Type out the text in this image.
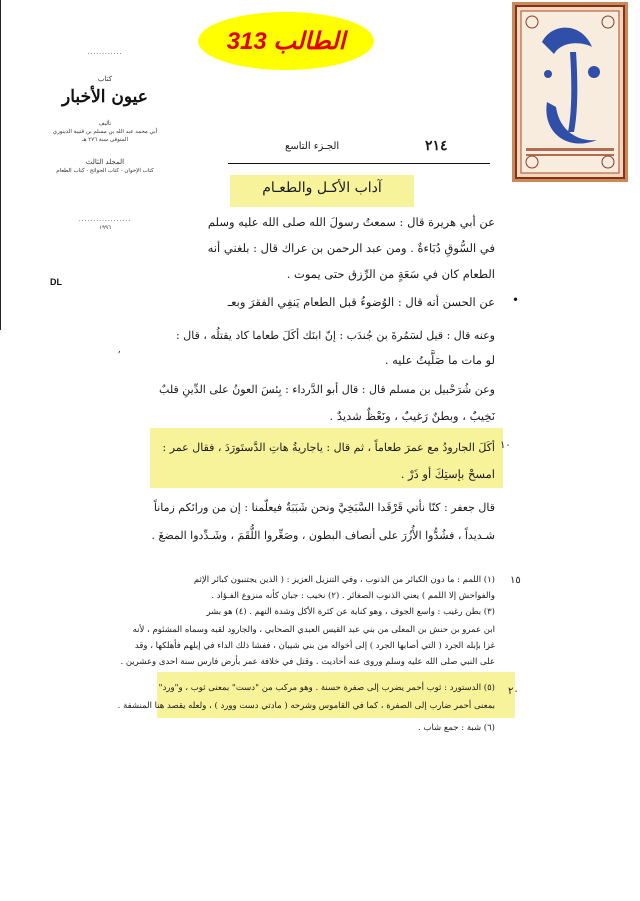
............
كتاب
عيون الأخبار
تأليف
أبي محمد عبد الله بن مسلم بن قتيبة الدينوري
المتوفى سنة ٢٧٦ هـ
المجلد الثالث
كتاب الإخوان - كتاب الحوائج - كتاب الطعام
..................
١٩٩٦
DL
الطالب 313
٢١٤
الجـزء التاسع
آداب الأكـل والطعـام
عن أبي هريرة قال : سمعتُ رسولَ الله صلى الله عليه وسلم
في السُّوقِ دُبَاءةٌ . ومن عبد الرحمن بن عراك قال : بلغني أنه
الطعام كان في سَعَةٍ من الرِّزق حتى يموت .
عن الحسن أنه قال : الوُضوءُ قبل الطعام يَنفِي الفقرَ وبعـ
وعنه قال : قيل لسَمُرةَ بن جُندَب : إنّ ابنَك أكَلَ طعاما كاد يقتلُه ، قال :
لو مات ما صَلَّيتُ عليه .
وعن شُرَحْبيل بن مسلم قال : قال أبو الدَّرداء : بِئسَ العونُ على الدِّينِ قلبٌ
نَخِيبٌ ، وبطنٌ رَغيبٌ ، ونَعْظٌ شديدٌ .
أكَلَ الجارودُ مع عمرَ طعاماً ، ثم قال : ياجاريةُ هاتِ الدَّستَورَدَ ، فقال عمر :
امسحْ بإستِكَ أو ذَرْ .
قال جعفر : كنّا نأتي قَرْقَدا السَّبَخِيَّ ونحن شَبَبَةٌ فيعلّمنا : إن من ورائكم زماناً
شـديداً ، فشُدُّوا الأُزُرَ على أنصاف البطون ، وصَغِّروا اللُّقَمَ ، وشَـدِّدوا المضغَ .
١٠
١٥
٢٠
•
,
(١) اللمم : ما دون الكبائر من الذنوب ، وفي التنزيل العزيز : ( الذين يجتنبون كبائر الإثم
والفواحش إلا اللمم ) يعني الذنوب الصغائر . (٢) نخيب : جبان كأنه منزوع الفـؤاد .
(٣) بطن رغيب : واسع الجوف ، وهو كناية عن كثرة الأكل وشدة النهم . (٤) هو بشر
ابن عمرو بن حنش بن المعلى من بني عبد القيس العبدي الصحابي ، والجارود لقبه وسماه المشئوم ، لأنه
غزا بإبله الجرد ( التي أصابها الجرد ) إلى أخواله من بني شيبان ، ففشا ذلك الداء في إبلهم فأهلكها ، وقد
على النبي صلى الله عليه وسلم وروى عنه أحاديث . وقتل في خلافة عمر بأرض فارس سنة احدى وعشرين .
(٥) الدستورد : ثوب أحمر يضرب إلى صفرة حسنة . وهو مركب من "دست" بمعنى ثوب ، و"ورد"
بمعنى أحمر ضارب إلى الصفرة ، كما في القاموس وشرحه ( مادتي دست وورد ) ، ولعله يقصد هنا المنشفة .
(٦) شبة : جمع شاب .
